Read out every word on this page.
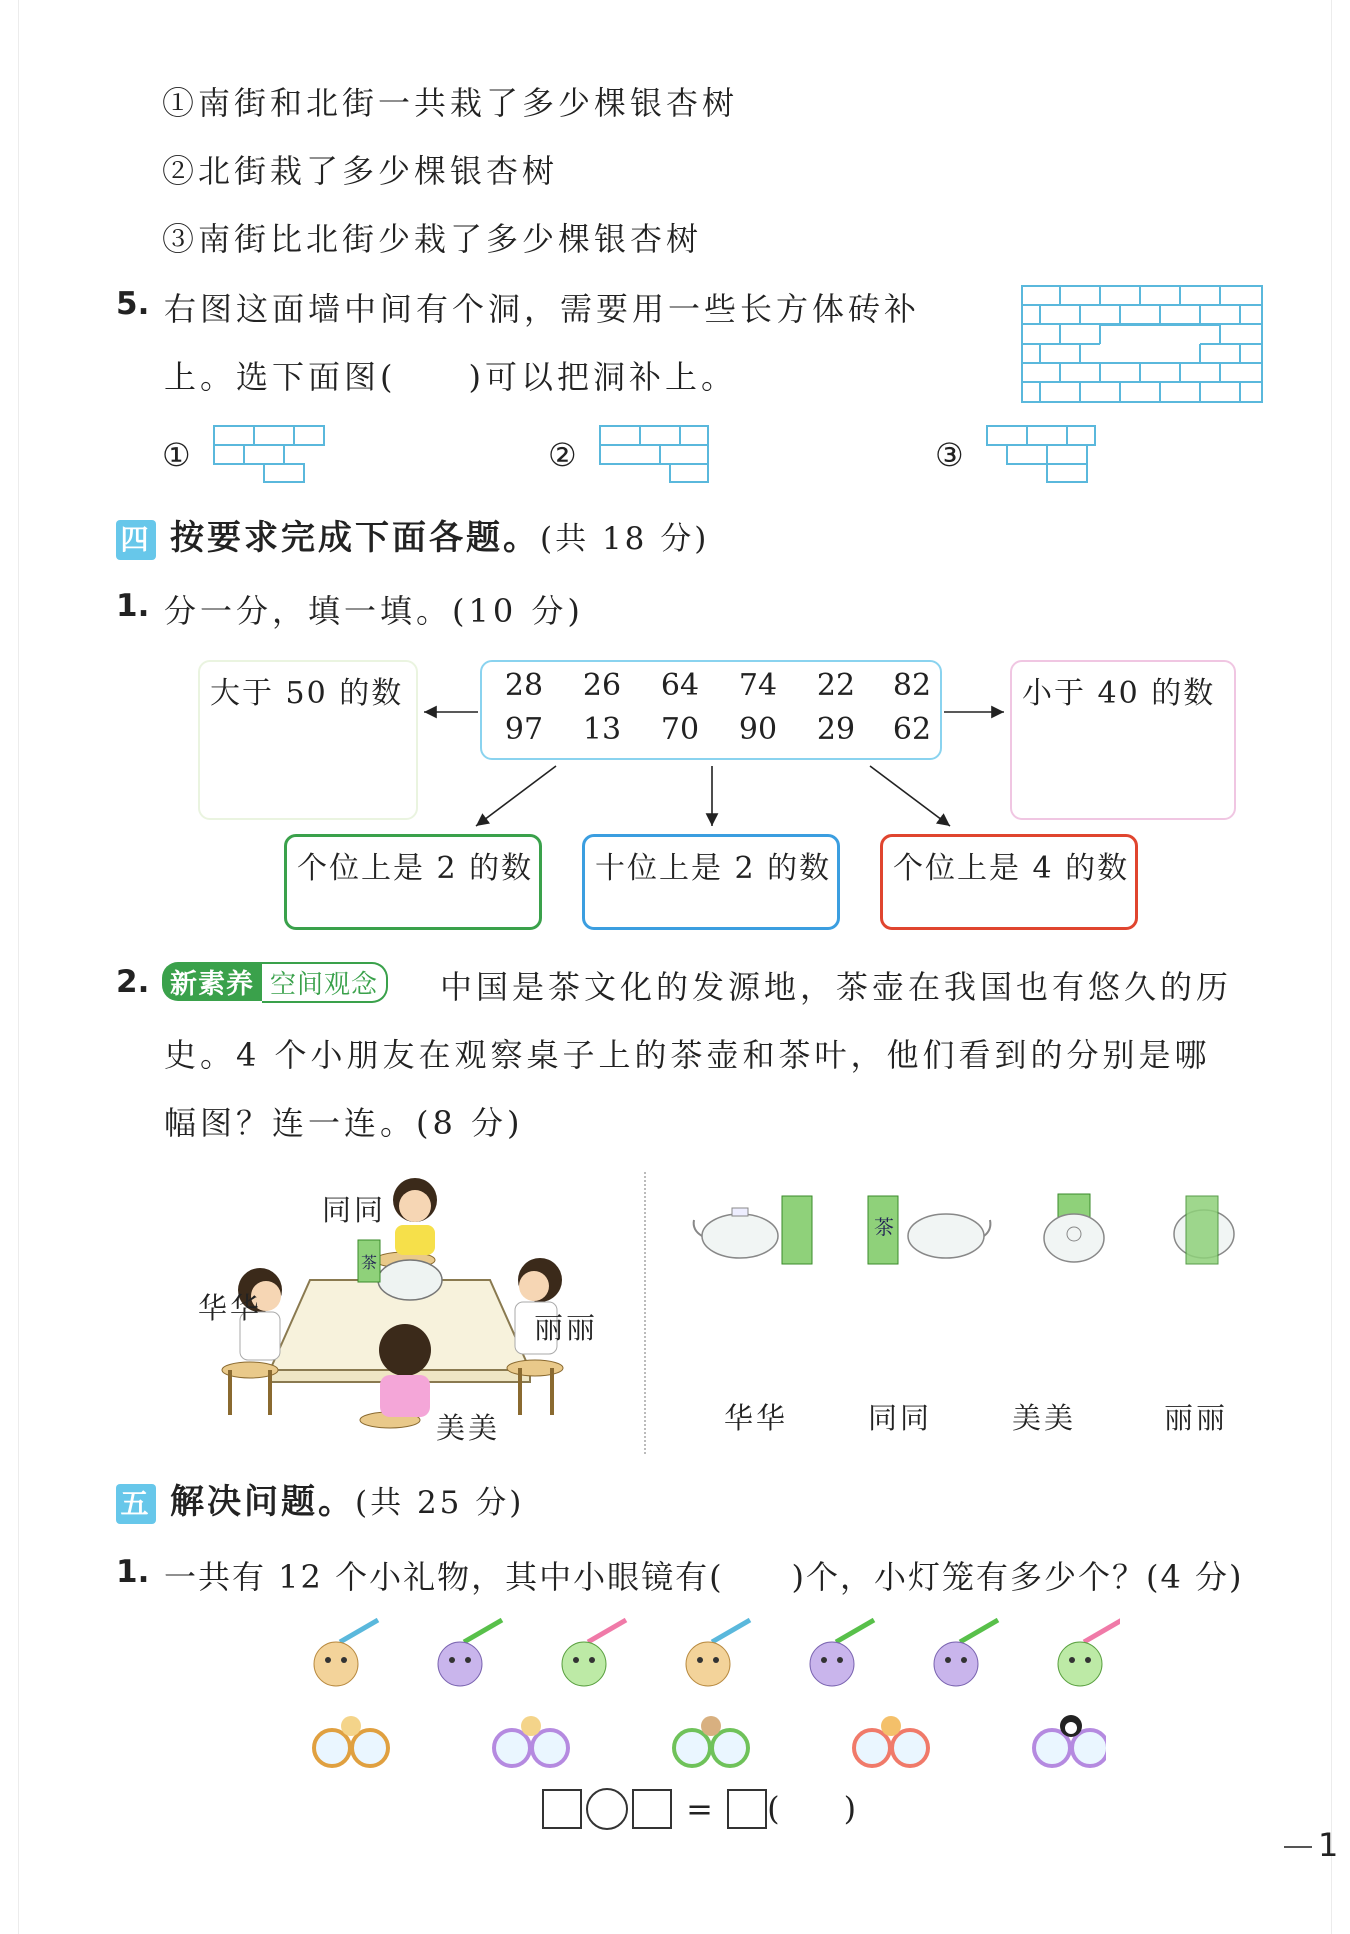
①南街和北街一共栽了多少棵银杏树
②北街栽了多少棵银杏树
③南街比北街少栽了多少棵银杏树
5. 右图这面墙中间有个洞，需要用一些长方体砖补
上。选下面图(　　)可以把洞补上。
①	②	③
四 按要求完成下面各题。(共 18 分)
1. 分一分，填一填。(10 分)
28	26	64	74	22	82
97	13	70	90	29	62
大于 50 的数	小于 40 的数
个位上是 2 的数 十位上是 2 的数 个位上是 4 的数
2. 新素养 空间观念	中国是茶文化的发源地，茶壶在我国也有悠久的历
史。4 个小朋友在观察桌子上的茶壶和茶叶，他们看到的分别是哪
幅图？连一连。(8 分)
茶
同同
华华
丽丽
美美
茶
华华	同同	美美	丽丽
五 解决问题。(共 25 分)
1. 一共有 12 个小礼物，其中小眼镜有(　　)个，小灯笼有多少个？(4 分)
= (　　)
1
